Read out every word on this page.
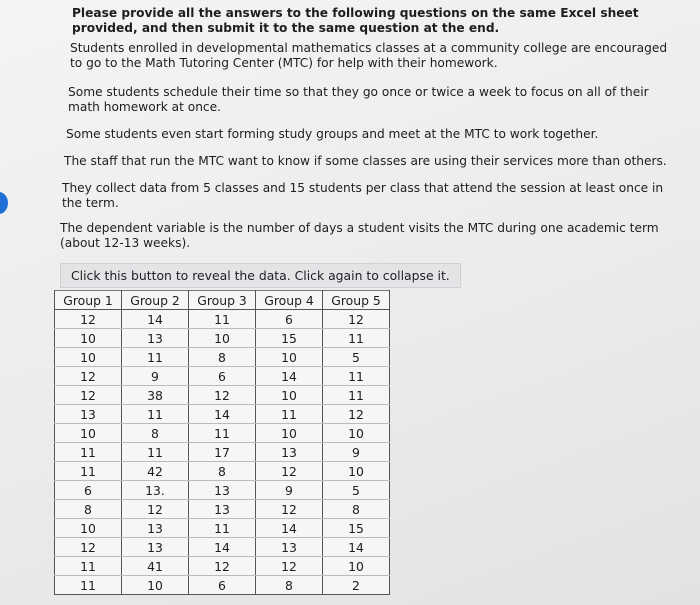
Please provide all the answers to the following questions on the same Excel sheet provided, and then submit it to the same question at the end.

Students enrolled in developmental mathematics classes at a community college are encouraged to go to the Math Tutoring Center (MTC) for help with their homework.

Some students schedule their time so that they go once or twice a week to focus on all of their math homework at once.

Some students even start forming study groups and meet at the MTC to work together.

The staff that run the MTC want to know if some classes are using their services more than others.

They collect data from 5 classes and 15 students per class that attend the session at least once in the term.

The dependent variable is the number of days a student visits the MTC during one academic term (about 12-13 weeks).

Click this button to reveal the data. Click again to collapse it.
Group 1	Group 2	Group 3	Group 4	Group 5
12	14	11	6	12
10	13	10	15	11
10	11	8	10	5
12	9	6	14	11
12	38	12	10	11
13	11	14	11	12
10	8	11	10	10
11	11	17	13	9
11	42	8	12	10
6	13.	13	9	5
8	12	13	12	8
10	13	11	14	15
12	13	14	13	14
11	41	12	12	10
11	10	6	8	2
